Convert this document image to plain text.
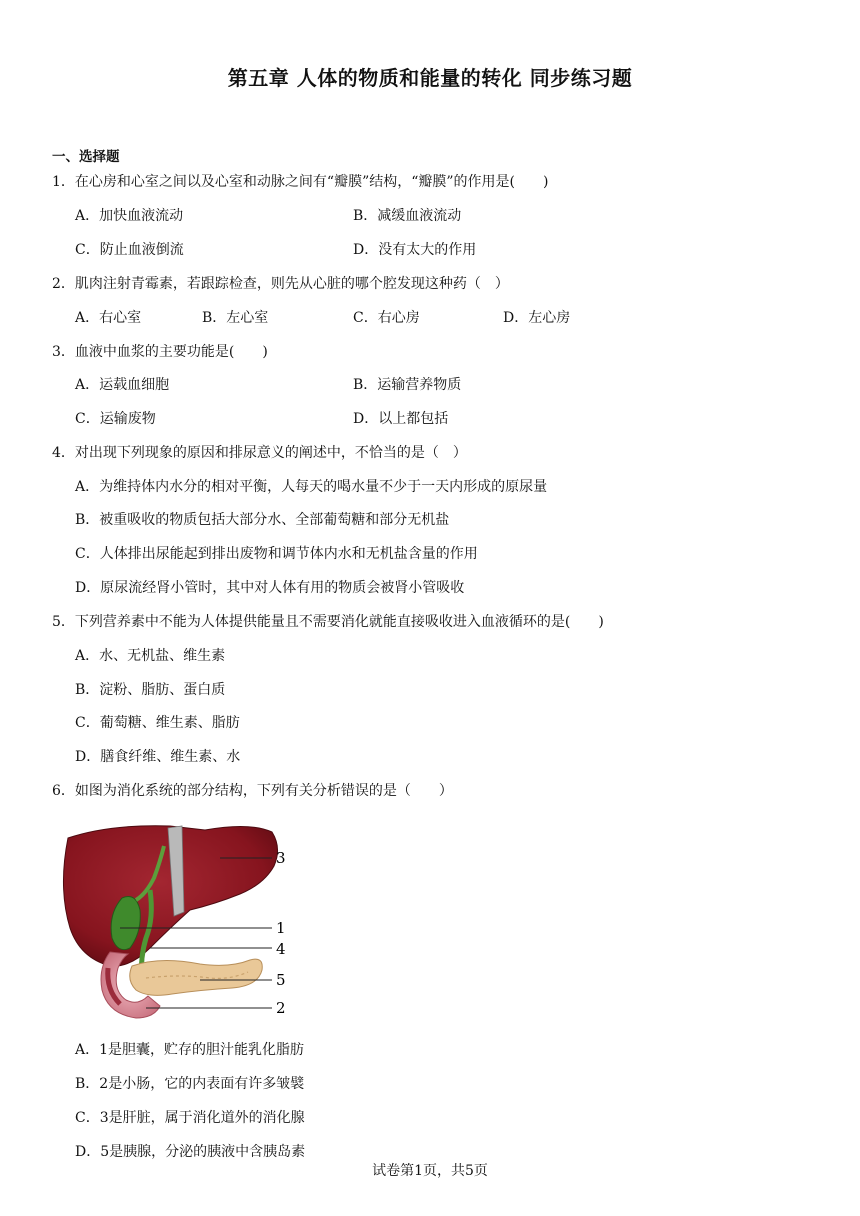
第五章 人体的物质和能量的转化 同步练习题
一、选择题
1．在心房和心室之间以及心室和动脉之间有“瓣膜”结构，“瓣膜”的作用是(　　)
A．加快血液流动	B．减缓血液流动
C．防止血液倒流	D．没有太大的作用
2．肌肉注射青霉素，若跟踪检查，则先从心脏的哪个腔发现这种药（　）
A．右心室	B．左心室	C．右心房	D．左心房
3．血液中血浆的主要功能是(　　)
A．运载血细胞	B．运输营养物质
C．运输废物	D．以上都包括
4．对出现下列现象的原因和排尿意义的阐述中，不恰当的是（　）
A．为维持体内水分的相对平衡，人每天的喝水量不少于一天内形成的原尿量
B．被重吸收的物质包括大部分水、全部葡萄糖和部分无机盐
C．人体排出尿能起到排出废物和调节体内水和无机盐含量的作用
D．原尿流经肾小管时，其中对人体有用的物质会被肾小管吸收
5．下列营养素中不能为人体提供能量且不需要消化就能直接吸收进入血液循环的是(　　)
A．水、无机盐、维生素
B．淀粉、脂肪、蛋白质
C．葡萄糖、维生素、脂肪
D．膳食纤维、维生素、水
6．如图为消化系统的部分结构，下列有关分析错误的是（　　）
3
1
4
5
2
A．1是胆囊，贮存的胆汁能乳化脂肪
B．2是小肠，它的内表面有许多皱襞
C．3是肝脏，属于消化道外的消化腺
D．5是胰腺，分泌的胰液中含胰岛素
试卷第1页，共5页
